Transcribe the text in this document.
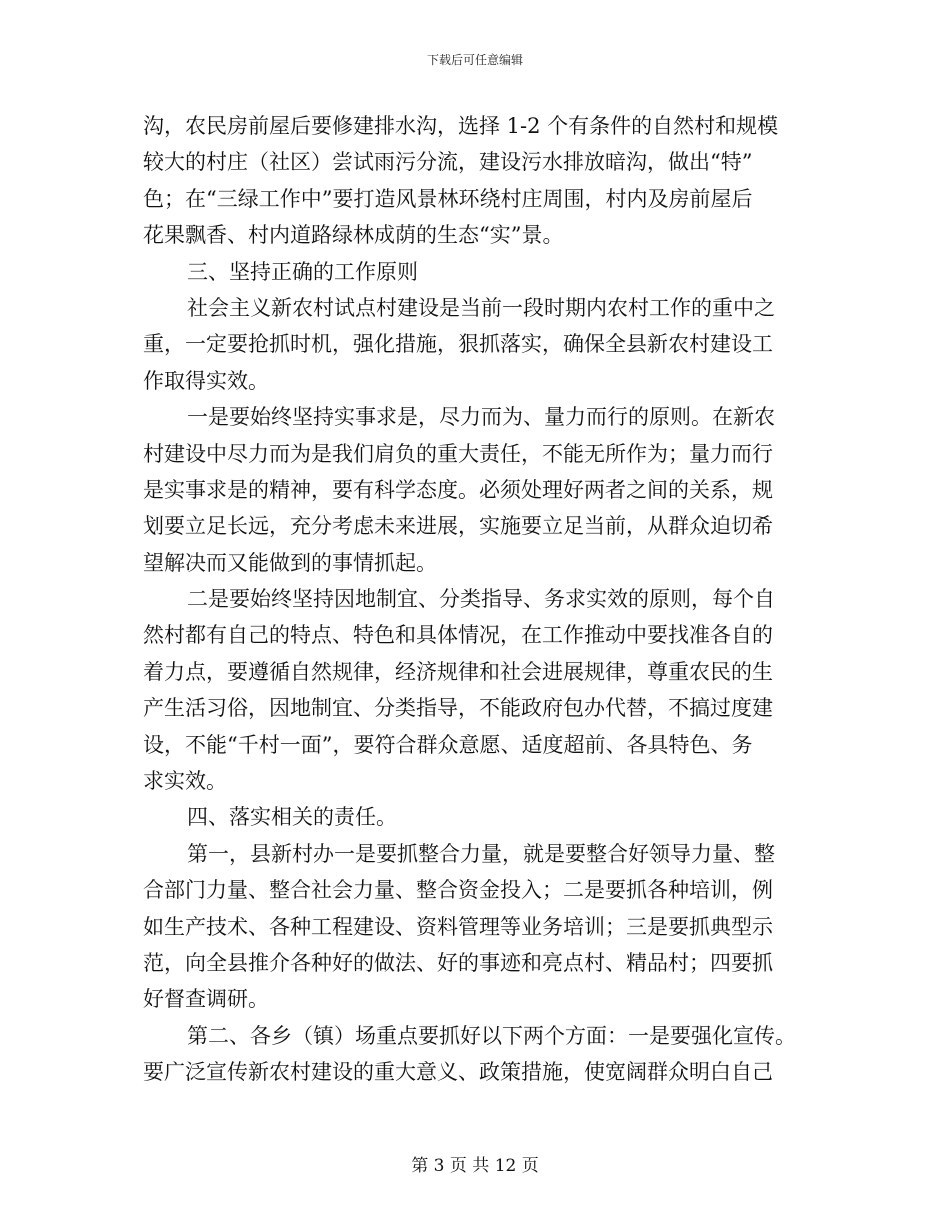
下载后可任意编辑
沟，农民房前屋后要修建排水沟，选择 1-2 个有条件的自然村和规模
较大的村庄（社区）尝试雨污分流，建设污水排放暗沟，做出“特”
色；在“三绿工作中”要打造风景林环绕村庄周围，村内及房前屋后
花果飘香、村内道路绿林成荫的生态“实”景。
三、坚持正确的工作原则
社会主义新农村试点村建设是当前一段时期内农村工作的重中之
重，一定要抢抓时机，强化措施，狠抓落实，确保全县新农村建设工
作取得实效。
一是要始终坚持实事求是，尽力而为、量力而行的原则。在新农
村建设中尽力而为是我们肩负的重大责任，不能无所作为；量力而行
是实事求是的精神，要有科学态度。必须处理好两者之间的关系，规
划要立足长远，充分考虑未来进展，实施要立足当前，从群众迫切希
望解决而又能做到的事情抓起。
二是要始终坚持因地制宜、分类指导、务求实效的原则，每个自
然村都有自己的特点、特色和具体情况，在工作推动中要找准各自的
着力点，要遵循自然规律，经济规律和社会进展规律，尊重农民的生
产生活习俗，因地制宜、分类指导，不能政府包办代替，不搞过度建
设，不能“千村一面”，要符合群众意愿、适度超前、各具特色、务
求实效。
四、落实相关的责任。
第一，县新村办一是要抓整合力量，就是要整合好领导力量、整
合部门力量、整合社会力量、整合资金投入；二是要抓各种培训，例
如生产技术、各种工程建设、资料管理等业务培训；三是要抓典型示
范，向全县推介各种好的做法、好的事迹和亮点村、精品村；四要抓
好督查调研。
第二、各乡（镇）场重点要抓好以下两个方面：一是要强化宣传。
要广泛宣传新农村建设的重大意义、政策措施，使宽阔群众明白自己
第 3 页 共 12 页
